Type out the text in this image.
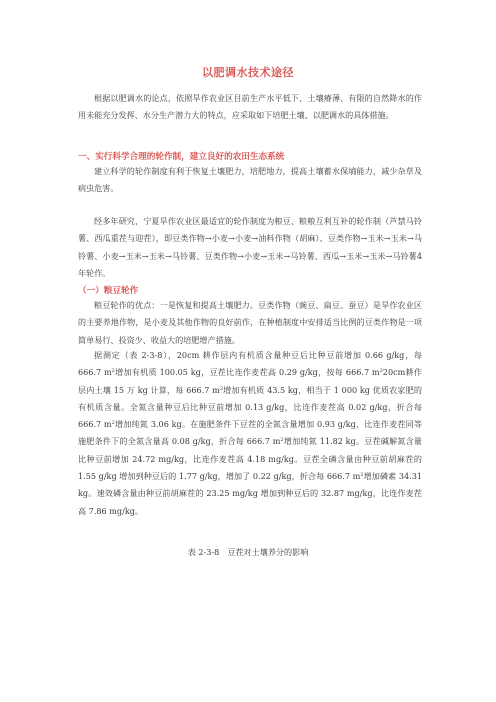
以肥调水技术途径

根据以肥调水的论点，依照旱作农业区目前生产水平低下、土壤瘠薄、有限的自然降水的作用未能充分发挥、水分生产潜力大的特点，应采取如下培肥土壤、以肥调水的具体措施。

一、实行科学合理的轮作制，建立良好的农田生态系统

建立科学的轮作制度有利于恢复土壤肥力，培肥地力，提高土壤蓄水保墒能力，减少杂草及病虫危害。

经多年研究，宁夏旱作农业区最适宜的轮作制度为粮豆、粮粮互利互补的轮作制（芦禁马铃薯、西瓜重茬与迎茬），即豆类作物→小麦→小麦→油料作物（胡麻）、豆类作物→玉米→玉米→马铃薯、小麦→玉米→玉米→马铃薯、豆类作物→小麦→玉米→马铃薯、西瓜→玉米→玉米→马铃薯4年轮作。

（一）粮豆轮作

粮豆轮作的优点：一是恢复和提高土壤肥力。豆类作物（豌豆、扁豆、蚕豆）是旱作农业区的主要养地作物，是小麦及其他作物的良好前作，在种植制度中安排适当比例的豆类作物是一项简单易行、投资少、收益大的培肥增产措施。

据测定（表 2-3-8），20cm 耕作层内有机质含量种豆后比种豆前增加 0.66 g/kg，每 666.7 $m^2$增加有机质 100.05 kg，豆茬比连作麦茬高 0.29 g/kg，按每 666.7 $m^220cm$耕作层内土壤 15 万 kg 计算，每 666.7 $m^2$增加有机质 43.5 kg，相当于 1 000 kg 优质农家肥的有机质含量。全氮含量种豆后比种豆前增加 0.13 g/kg，比连作麦茬高 0.02 g/kg，折合每 666.7 $m^2$增加纯氮 3.06 kg。在施肥条件下豆茬的全氮含量增加 0.93 g/kg，比连作麦茬同等施肥条件下的全氮含量高 0.08 g/kg，折合每 666.7 $m^2$增加纯氮 11.82 kg。豆茬碱解氮含量比种豆前增加 24.72 mg/kg，比连作麦茬高 4.18 mg/kg。豆茬全磷含量由种豆前胡麻茬的 1.55 g/kg 增加到种豆后的 1.77 g/kg，增加了 0.22 g/kg，折合每 666.7 $m^2$增加磷素 34.31 kg。速效磷含量由种豆前胡麻茬的 23.25 mg/kg 增加到种豆后的 32.87 mg/kg，比连作麦茬高 7.86 mg/kg。

表 2-3-8　豆茬对土壤养分的影响
